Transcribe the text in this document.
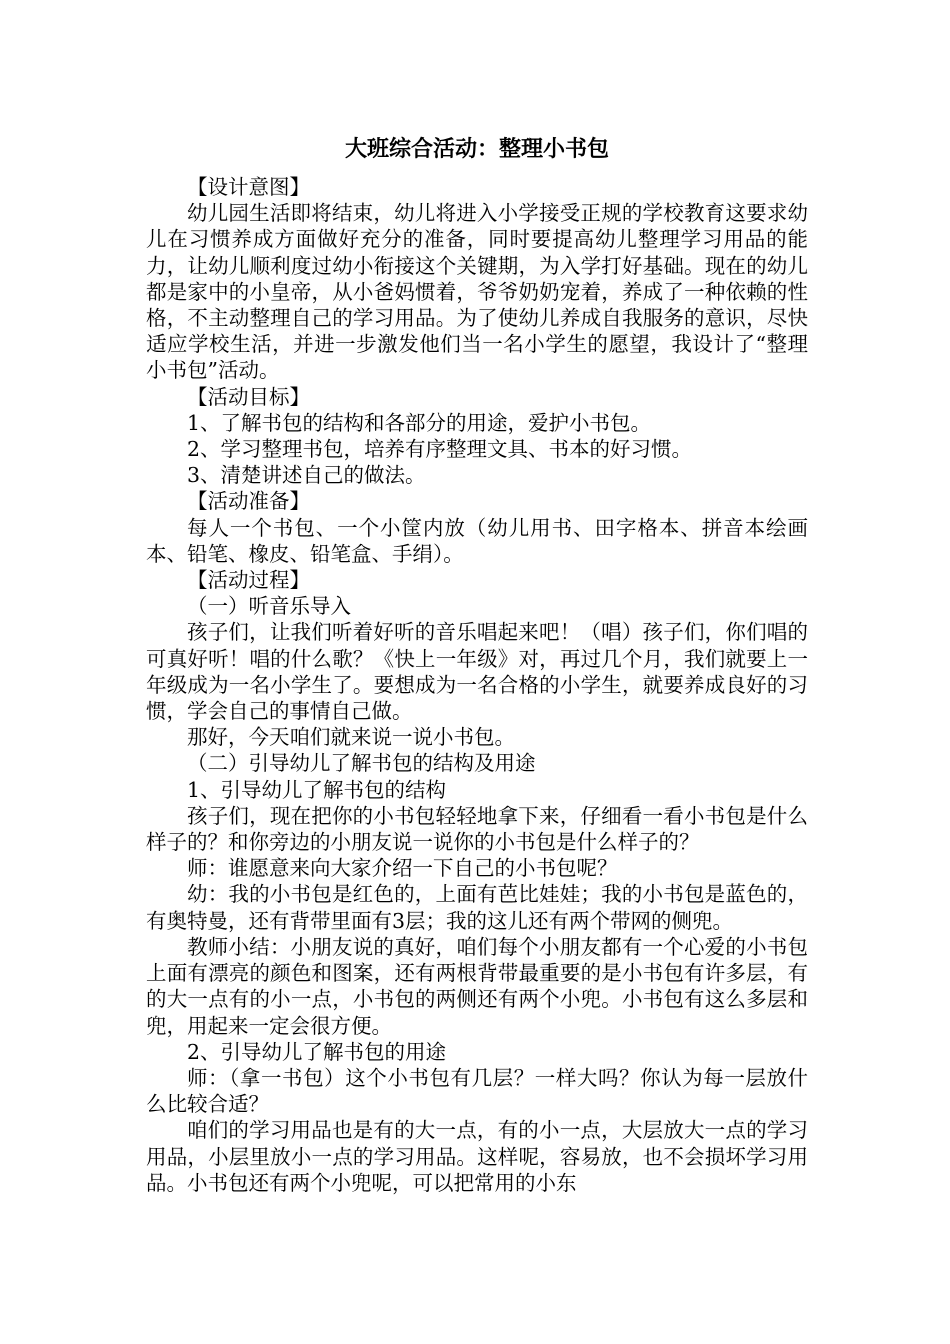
大班综合活动：整理小书包

【设计意图】

幼儿园生活即将结束，幼儿将进入小学接受正规的学校教育这要求幼儿在习惯养成方面做好充分的准备，同时要提高幼儿整理学习用品的能力，让幼儿顺利度过幼小衔接这个关键期，为入学打好基础。现在的幼儿都是家中的小皇帝，从小爸妈惯着，爷爷奶奶宠着，养成了一种依赖的性格，不主动整理自己的学习用品。为了使幼儿养成自我服务的意识，尽快适应学校生活，并进一步激发他们当一名小学生的愿望，我设计了“整理小书包”活动。

【活动目标】

1、了解书包的结构和各部分的用途，爱护小书包。

2、学习整理书包，培养有序整理文具、书本的好习惯。

3、清楚讲述自己的做法。

【活动准备】

每人一个书包、一个小筐内放（幼儿用书、田字格本、拼音本绘画本、铅笔、橡皮、铅笔盒、手绢）。

【活动过程】

（一）听音乐导入

孩子们，让我们听着好听的音乐唱起来吧！（唱）孩子们，你们唱的可真好听！唱的什么歌？《快上一年级》对，再过几个月，我们就要上一年级成为一名小学生了。要想成为一名合格的小学生，就要养成良好的习惯，学会自己的事情自己做。

那好，今天咱们就来说一说小书包。

（二）引导幼儿了解书包的结构及用途

1、引导幼儿了解书包的结构

孩子们，现在把你的小书包轻轻地拿下来，仔细看一看小书包是什么样子的？和你旁边的小朋友说一说你的小书包是什么样子的？

师：谁愿意来向大家介绍一下自己的小书包呢？

幼：我的小书包是红色的，上面有芭比娃娃；我的小书包是蓝色的，有奥特曼，还有背带里面有3层；我的这儿还有两个带网的侧兜。

教师小结：小朋友说的真好，咱们每个小朋友都有一个心爱的小书包上面有漂亮的颜色和图案，还有两根背带最重要的是小书包有许多层，有的大一点有的小一点，小书包的两侧还有两个小兜。小书包有这么多层和兜，用起来一定会很方便。

2、引导幼儿了解书包的用途

师：（拿一书包）这个小书包有几层？一样大吗？你认为每一层放什么比较合适？

咱们的学习用品也是有的大一点，有的小一点，大层放大一点的学习用品，小层里放小一点的学习用品。这样呢，容易放，也不会损坏学习用品。小书包还有两个小兜呢，可以把常用的小东
